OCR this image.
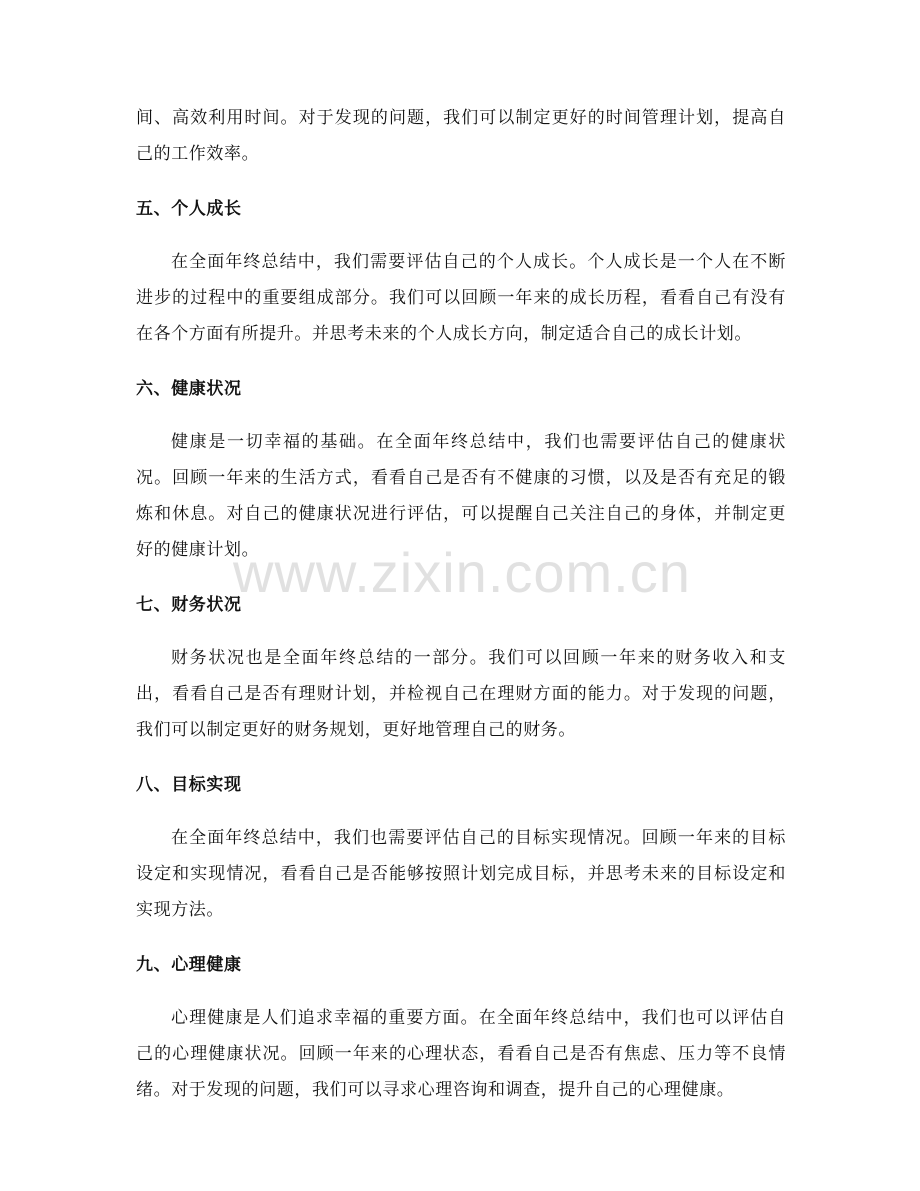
间、高效利用时间。对于发现的问题，我们可以制定更好的时间管理计划，提高自己的工作效率。

五、个人成长

在全面年终总结中，我们需要评估自己的个人成长。个人成长是一个人在不断进步的过程中的重要组成部分。我们可以回顾一年来的成长历程，看看自己有没有在各个方面有所提升。并思考未来的个人成长方向，制定适合自己的成长计划。

六、健康状况

健康是一切幸福的基础。在全面年终总结中，我们也需要评估自己的健康状况。回顾一年来的生活方式，看看自己是否有不健康的习惯，以及是否有充足的锻炼和休息。对自己的健康状况进行评估，可以提醒自己关注自己的身体，并制定更好的健康计划。

七、财务状况

财务状况也是全面年终总结的一部分。我们可以回顾一年来的财务收入和支出，看看自己是否有理财计划，并检视自己在理财方面的能力。对于发现的问题，我们可以制定更好的财务规划，更好地管理自己的财务。

八、目标实现

在全面年终总结中，我们也需要评估自己的目标实现情况。回顾一年来的目标设定和实现情况，看看自己是否能够按照计划完成目标，并思考未来的目标设定和实现方法。

九、心理健康

心理健康是人们追求幸福的重要方面。在全面年终总结中，我们也可以评估自己的心理健康状况。回顾一年来的心理状态，看看自己是否有焦虑、压力等不良情绪。对于发现的问题，我们可以寻求心理咨询和调查，提升自己的心理健康。

www.zixin.com.cn
